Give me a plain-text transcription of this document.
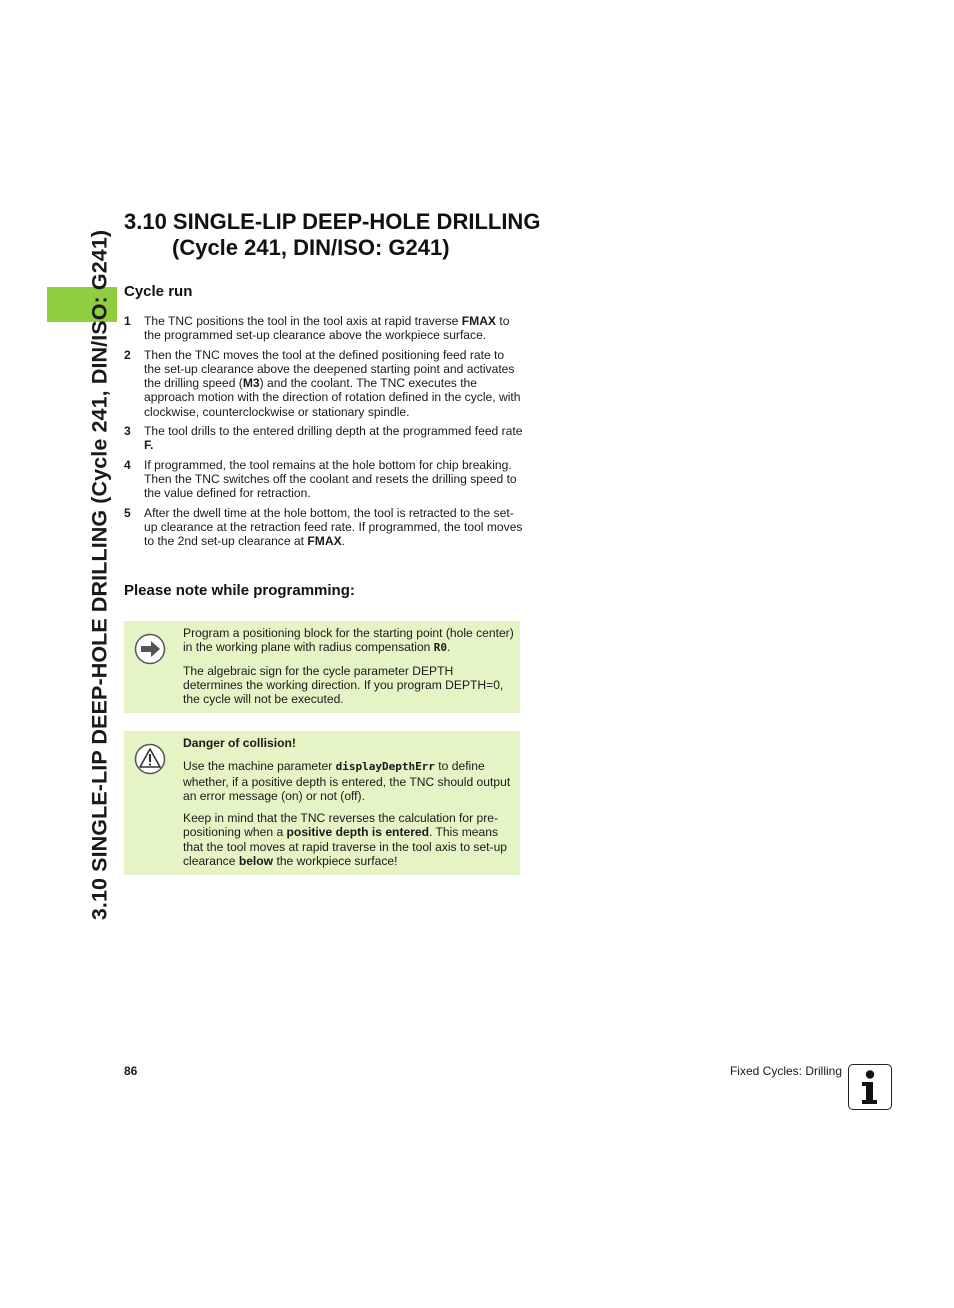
3.10 SINGLE-LIP DEEP-HOLE DRILLING (Cycle 241, DIN/ISO: G241)
3.10 SINGLE-LIP DEEP-HOLE DRILLING
(Cycle 241, DIN/ISO: G241)
Cycle run
1 The TNC positions the tool in the tool axis at rapid traverse FMAX to the programmed set-up clearance above the workpiece surface.
2 Then the TNC moves the tool at the defined positioning feed rate to the set-up clearance above the deepened starting point and activates the drilling speed (M3) and the coolant. The TNC executes the approach motion with the direction of rotation defined in the cycle, with clockwise, counterclockwise or stationary spindle.
3 The tool drills to the entered drilling depth at the programmed feed rate F.
4 If programmed, the tool remains at the hole bottom for chip breaking. Then the TNC switches off the coolant and resets the drilling speed to the value defined for retraction.
5 After the dwell time at the hole bottom, the tool is retracted to the set-up clearance at the retraction feed rate. If programmed, the tool moves to the 2nd set-up clearance at FMAX.
Please note while programming:

Program a positioning block for the starting point (hole center) in the working plane with radius compensation R0.

The algebraic sign for the cycle parameter DEPTH determines the working direction. If you program DEPTH=0, the cycle will not be executed.

Danger of collision!

Use the machine parameter displayDepthErr to define whether, if a positive depth is entered, the TNC should output an error message (on) or not (off).

Keep in mind that the TNC reverses the calculation for pre-positioning when a positive depth is entered. This means that the tool moves at rapid traverse in the tool axis to set-up clearance below the workpiece surface!

86	Fixed Cycles: Drilling
